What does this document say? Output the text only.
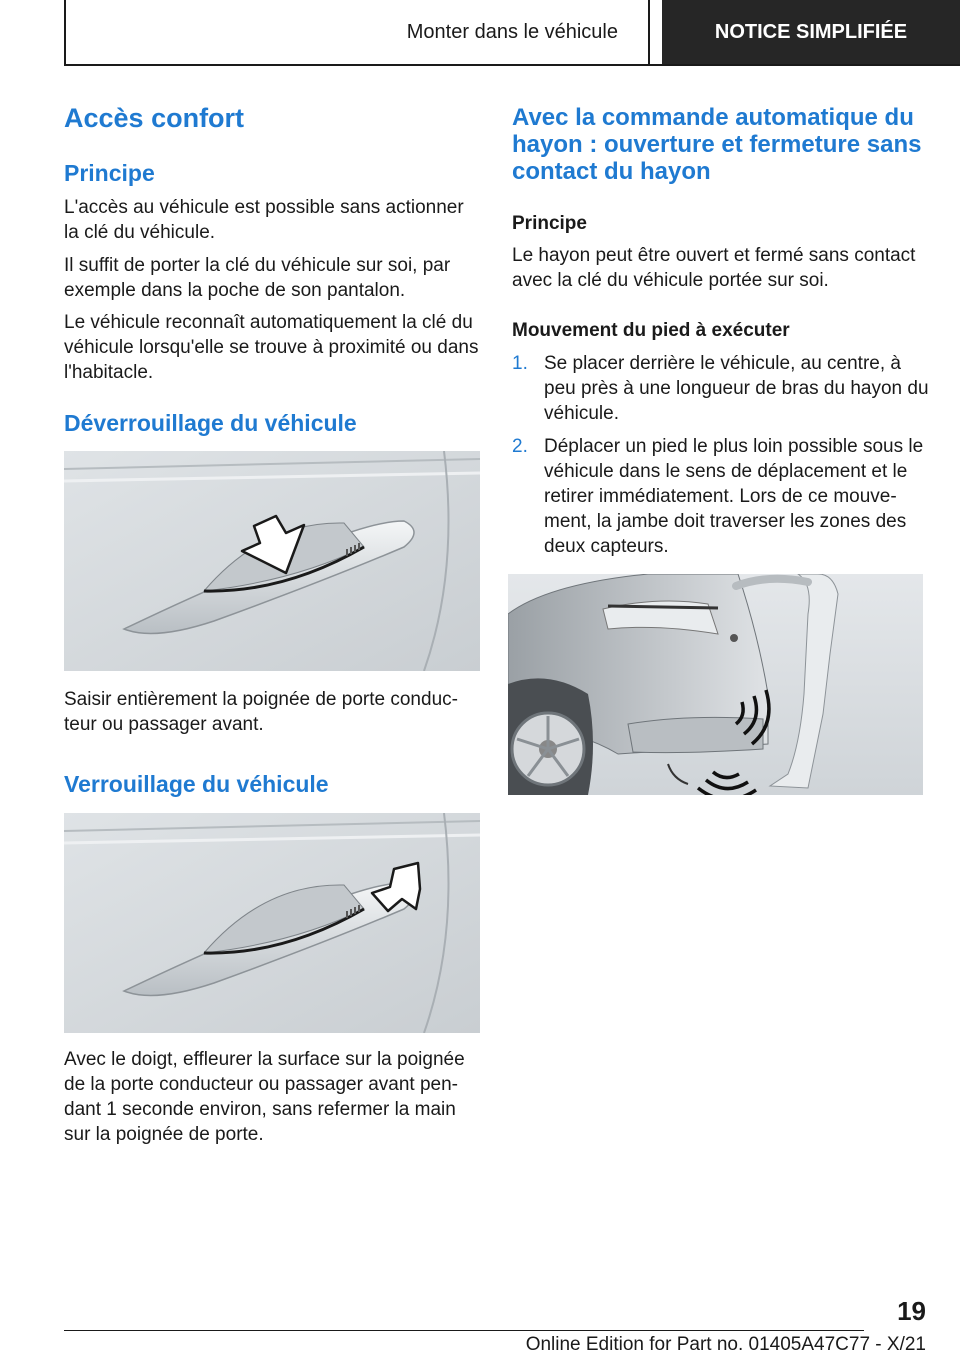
Monter dans le véhicule	NOTICE SIMPLIFIÉE
Accès confort
Principe

L'accès au véhicule est possible sans actionner la clé du véhicule.

Il suffit de porter la clé du véhicule sur soi, par exemple dans la poche de son pantalon.

Le véhicule reconnaît automatiquement la clé du véhicule lorsqu'elle se trouve à proximité ou dans l'habitacle.

Déverrouillage du véhicule

Saisir entièrement la poignée de porte conducteur ou passager avant.

Verrouillage du véhicule

Avec le doigt, effleurer la surface sur la poignée de la porte conducteur ou passager avant pendant 1 seconde environ, sans refermer la main sur la poignée de porte.

Avec la commande automatique du hayon : ouverture et fermeture sans contact du hayon
Principe

Le hayon peut être ouvert et fermé sans contact avec la clé du véhicule portée sur soi.

Mouvement du pied à exécuter
1. Se placer derrière le véhicule, au centre, à peu près à une longueur de bras du hayon du véhicule.
2. Déplacer un pied le plus loin possible sous le véhicule dans le sens de déplacement et le retirer immédiatement. Lors de ce mouvement, la jambe doit traverser les zones des deux capteurs.
19
Online Edition for Part no. 01405A47C77 - X/21
